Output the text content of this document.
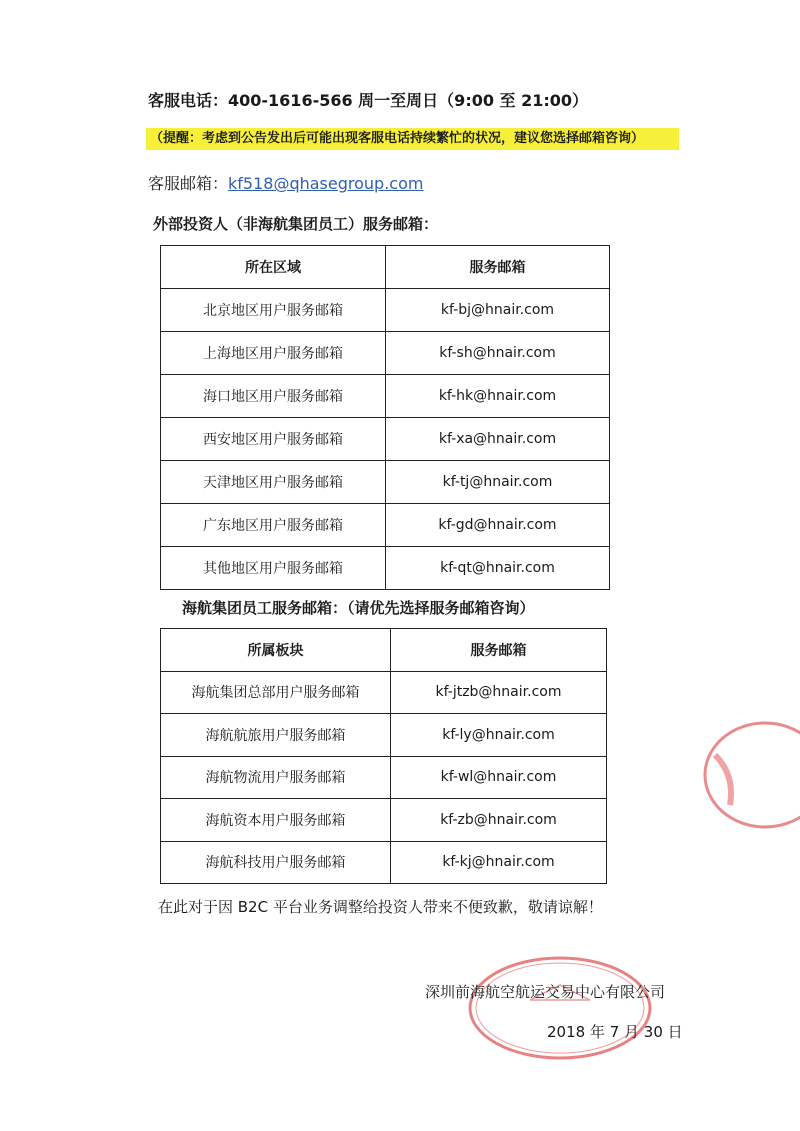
客服电话：400-1616-566 周一至周日（9:00 至 21:00）
（提醒：考虑到公告发出后可能出现客服电话持续繁忙的状况，建议您选择邮箱咨询）
客服邮箱：kf518@qhasegroup.com
外部投资人（非海航集团员工）服务邮箱：
所在区域	服务邮箱
北京地区用户服务邮箱	kf-bj@hnair.com
上海地区用户服务邮箱	kf-sh@hnair.com
海口地区用户服务邮箱	kf-hk@hnair.com
西安地区用户服务邮箱	kf-xa@hnair.com
天津地区用户服务邮箱	kf-tj@hnair.com
广东地区用户服务邮箱	kf-gd@hnair.com
其他地区用户服务邮箱	kf-qt@hnair.com
海航集团员工服务邮箱：（请优先选择服务邮箱咨询）
所属板块	服务邮箱
海航集团总部用户服务邮箱	kf-jtzb@hnair.com
海航航旅用户服务邮箱	kf-ly@hnair.com
海航物流用户服务邮箱	kf-wl@hnair.com
海航资本用户服务邮箱	kf-zb@hnair.com
海航科技用户服务邮箱	kf-kj@hnair.com
在此对于因 B2C 平台业务调整给投资人带来不便致歉，敬请谅解！
深圳前海航空航运交易中心有限公司
2018 年 7 月 30 日
